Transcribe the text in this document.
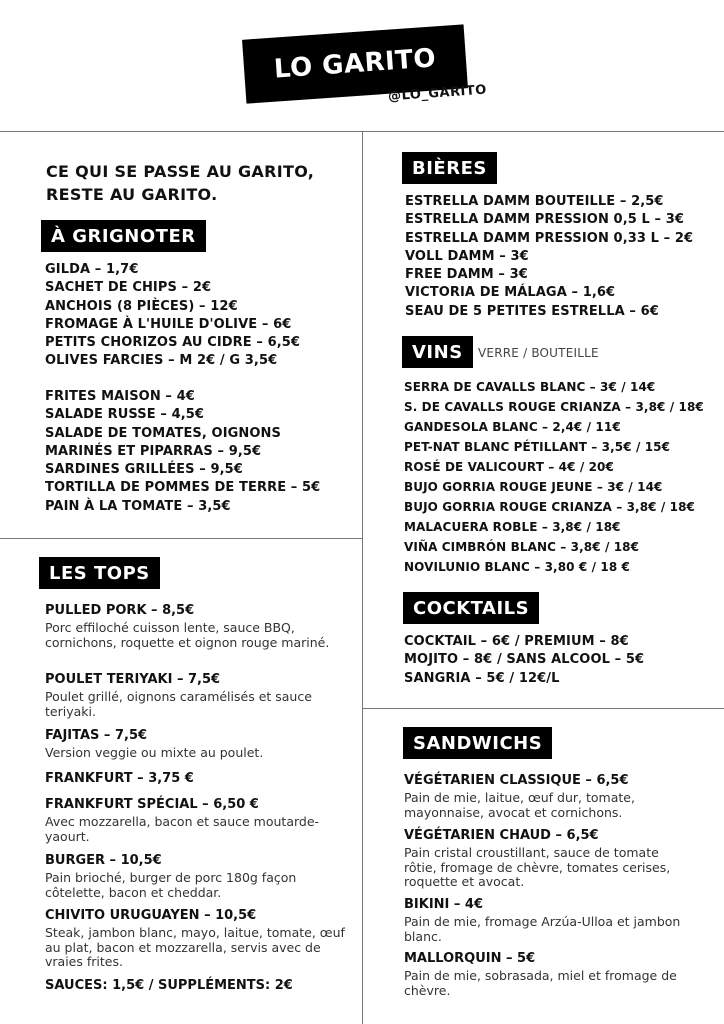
LO GARITO
@LO_GARITO
CE QUI SE PASSE AU GARITO,
RESTE AU GARITO.
À GRIGNOTER
GILDA – 1,7€
SACHET DE CHIPS – 2€
ANCHOIS (8 PIÈCES) – 12€
FROMAGE À L'HUILE D'OLIVE – 6€
PETITS CHORIZOS AU CIDRE – 6,5€
OLIVES FARCIES – M 2€ / G 3,5€
FRITES MAISON – 4€
SALADE RUSSE – 4,5€
SALADE DE TOMATES, OIGNONS
MARINÉS ET PIPARRAS – 9,5€
SARDINES GRILLÉES – 9,5€
TORTILLA DE POMMES DE TERRE – 5€
PAIN À LA TOMATE – 3,5€
LES TOPS
PULLED PORK – 8,5€
Porc effiloché cuisson lente, sauce BBQ, cornichons, roquette et oignon rouge mariné.
POULET TERIYAKI – 7,5€
Poulet grillé, oignons caramélisés et sauce teriyaki.
FAJITAS – 7,5€
Version veggie ou mixte au poulet.
FRANKFURT – 3,75 €
FRANKFURT SPÉCIAL – 6,50 €
Avec mozzarella, bacon et sauce moutarde-yaourt.
BURGER – 10,5€
Pain brioché, burger de porc 180g façon côtelette, bacon et cheddar.
CHIVITO URUGUAYEN – 10,5€
Steak, jambon blanc, mayo, laitue, tomate, œuf au plat, bacon et mozzarella, servis avec de vraies frites.
SAUCES: 1,5€ / SUPPLÉMENTS: 2€
BIÈRES
ESTRELLA DAMM BOUTEILLE – 2,5€
ESTRELLA DAMM PRESSION 0,5 L – 3€
ESTRELLA DAMM PRESSION 0,33 L – 2€
VOLL DAMM – 3€
FREE DAMM – 3€
VICTORIA DE MÁLAGA – 1,6€
SEAU DE 5 PETITES ESTRELLA – 6€
VINS	VERRE / BOUTEILLE
SERRA DE CAVALLS BLANC – 3€ / 14€
S. DE CAVALLS ROUGE CRIANZA – 3,8€ / 18€
GANDESOLA BLANC – 2,4€ / 11€
PET-NAT BLANC PÉTILLANT – 3,5€ / 15€
ROSÉ DE VALICOURT – 4€ / 20€
BUJO GORRIA ROUGE JEUNE – 3€ / 14€
BUJO GORRIA ROUGE CRIANZA – 3,8€ / 18€
MALACUERA ROBLE – 3,8€ / 18€
VIÑA CIMBRÓN BLANC – 3,8€ / 18€
NOVILUNIO BLANC – 3,80 € / 18 €
COCKTAILS
COCKTAIL – 6€ / PREMIUM – 8€
MOJITO – 8€ / SANS ALCOOL – 5€
SANGRIA – 5€ / 12€/L
SANDWICHS
VÉGÉTARIEN CLASSIQUE – 6,5€
Pain de mie, laitue, œuf dur, tomate, mayonnaise, avocat et cornichons.
VÉGÉTARIEN CHAUD – 6,5€
Pain cristal croustillant, sauce de tomate rôtie, fromage de chèvre, tomates cerises, roquette et avocat.
BIKINI – 4€
Pain de mie, fromage Arzúa-Ulloa et jambon blanc.
MALLORQUIN – 5€
Pain de mie, sobrasada, miel et fromage de chèvre.
